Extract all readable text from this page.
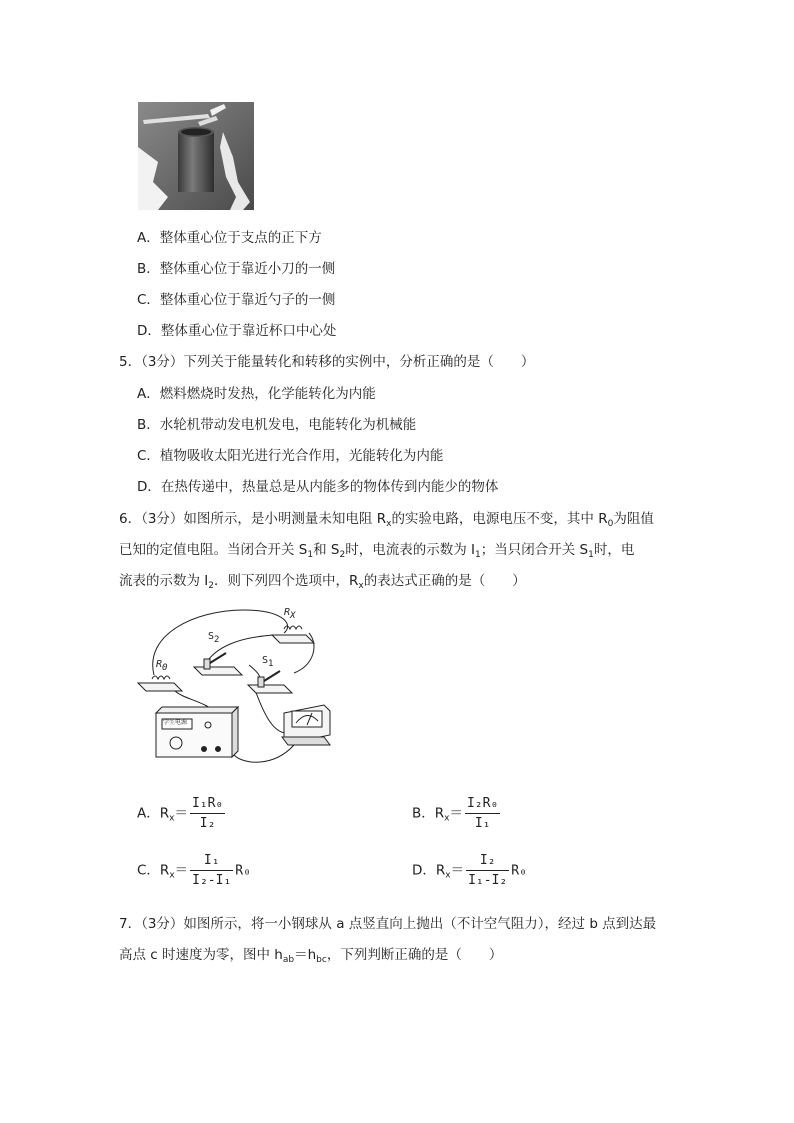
A．整体重心位于支点的正下方
B．整体重心位于靠近小刀的一侧
C．整体重心位于靠近勺子的一侧
D．整体重心位于靠近杯口中心处
5．（3分）下列关于能量转化和转移的实例中，分析正确的是（　　）
A．燃料燃烧时发热，化学能转化为内能
B．水轮机带动发电机发电，电能转化为机械能
C．植物吸收太阳光进行光合作用，光能转化为内能
D．在热传递中，热量总是从内能多的物体传到内能少的物体
6．（3分）如图所示，是小明测量未知电阻 $R_x$的实验电路，电源电压不变，其中 $R_0$为阻值
已知的定值电阻。当闭合开关 $S_1$和 $S_2$时，电流表的示数为 $I_1$；当只闭合开关 $S_1$时，电
流表的示数为 $I_2$．则下列四个选项中，$R_x$的表达式正确的是（　　）
$R_X$
$S_2$
$S_1$
$R_0$
学生电源
A．$R_x= \frac{\text{I₁R₀}}{\text{I₂}}$	B．$R_x= \frac{\text{I₂R₀}}{\text{I₁}}$
C．$R_x= \frac{\text{I₁}}{\text{I₂-I₁}} R_0$	D．$R_x= \frac{\text{I₂}}{\text{I₁-I₂}} R_0$
7．（3分）如图所示，将一小钢球从 a 点竖直向上抛出（不计空气阻力），经过 b 点到达最
高点 c 时速度为零，图中 $h_{ab}=h_{bc}$，下列判断正确的是（　　）
